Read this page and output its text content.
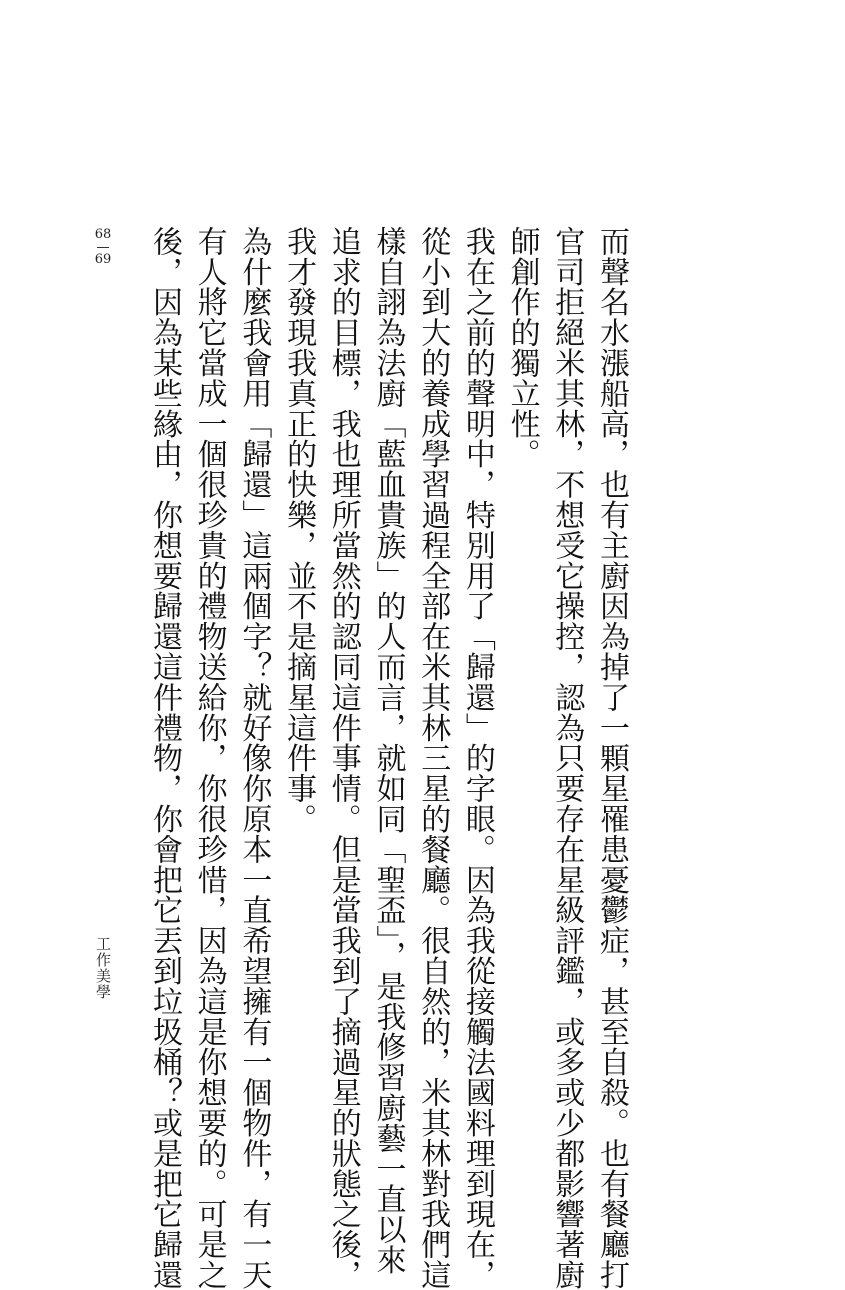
而聲名水漲船高，也有主廚因為掉了一顆星罹患憂鬱症，甚至自殺。也有餐廳打
官司拒絕米其林，不想受它操控，認為只要存在星級評鑑，或多或少都影響著廚
師創作的獨立性。

我在之前的聲明中，特別用了「歸還」的字眼。因為我從接觸法國料理到現在，
從小到大的養成學習過程全部在米其林三星的餐廳。很自然的，米其林對我們這
樣自詡為法廚「藍血貴族」的人而言，就如同「聖盃」，是我修習廚藝一直以來
追求的目標，我也理所當然的認同這件事情。但是當我到了摘過星的狀態之後，
我才發現我真正的快樂，並不是摘星這件事。

為什麼我會用「歸還」這兩個字？就好像你原本一直希望擁有一個物件，有一天
有人將它當成一個很珍貴的禮物送給你，你很珍惜，因為這是你想要的。可是之
後，因為某些緣由，你想要歸還這件禮物，你會把它丟到垃圾桶？或是把它歸還

68
69
工作美學
